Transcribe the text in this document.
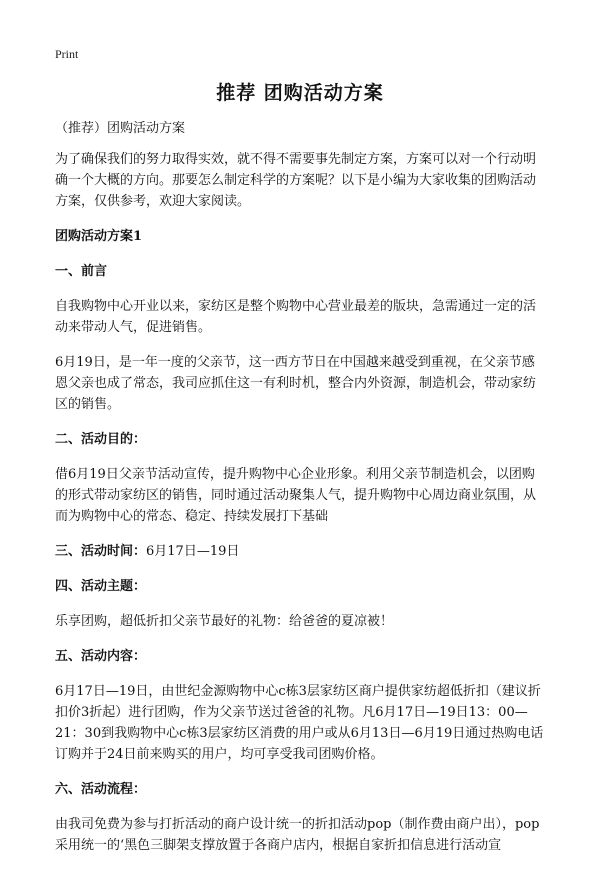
Print
推荐 团购活动方案

（推荐）团购活动方案

为了确保我们的努力取得实效，就不得不需要事先制定方案，方案可以对一个行动明确一个大概的方向。那要怎么制定科学的方案呢？以下是小编为大家收集的团购活动方案，仅供参考，欢迎大家阅读。

团购活动方案1

一、前言

自我购物中心开业以来，家纺区是整个购物中心营业最差的版块，急需通过一定的活动来带动人气，促进销售。

6月19日，是一年一度的父亲节，这一西方节日在中国越来越受到重视，在父亲节感恩父亲也成了常态，我司应抓住这一有利时机，整合内外资源，制造机会，带动家纺区的销售。

二、活动目的：

借6月19日父亲节活动宣传，提升购物中心企业形象。利用父亲节制造机会，以团购的形式带动家纺区的销售，同时通过活动聚集人气，提升购物中心周边商业氛围，从而为购物中心的常态、稳定、持续发展打下基础

三、活动时间：6月17日—19日

四、活动主题：

乐享团购，超低折扣父亲节最好的礼物：给爸爸的夏凉被！

五、活动内容：

6月17日—19日，由世纪金源购物中心c栋3层家纺区商户提供家纺超低折扣（建议折扣价3折起）进行团购，作为父亲节送过爸爸的礼物。凡6月17日—19日13：00—21：30到我购物中心c栋3层家纺区消费的用户或从6月13日—6月19日通过热购电话订购并于24日前来购买的用户，均可享受我司团购价格。

六、活动流程：

由我司免费为参与打折活动的商户设计统一的折扣活动pop（制作费由商户出），pop采用统一的‘黑色三脚架支撑放置于各商户店内，根据自家折扣信息进行活动宣
